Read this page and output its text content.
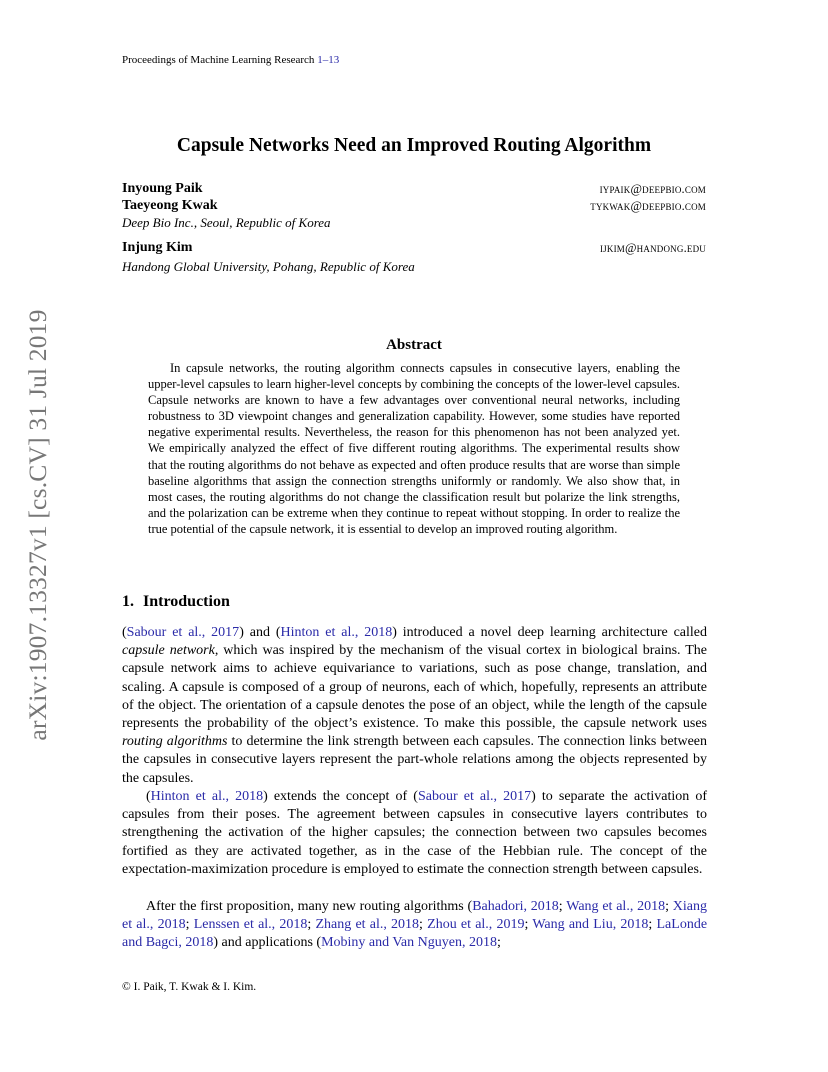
arXiv:1907.13327v1 [cs.CV] 31 Jul 2019
Proceedings of Machine Learning Research 1–13
Capsule Networks Need an Improved Routing Algorithm
Inyoung Paik	iypaik@deepbio.com
Taeyeong Kwak	tykwak@deepbio.com
Deep Bio Inc., Seoul, Republic of Korea
Injung Kim	ijkim@handong.edu
Handong Global University, Pohang, Republic of Korea
Abstract

In capsule networks, the routing algorithm connects capsules in consecutive layers, enabling the upper-level capsules to learn higher-level concepts by combining the concepts of the lower-level capsules. Capsule networks are known to have a few advantages over conventional neural networks, including robustness to 3D viewpoint changes and generalization capability. However, some studies have reported negative experimental results. Nevertheless, the reason for this phenomenon has not been analyzed yet. We empirically analyzed the effect of five different routing algorithms. The experimental results show that the routing algorithms do not behave as expected and often produce results that are worse than simple baseline algorithms that assign the connection strengths uniformly or randomly. We also show that, in most cases, the routing algorithms do not change the classification result but polarize the link strengths, and the polarization can be extreme when they continue to repeat without stopping. In order to realize the true potential of the capsule network, it is essential to develop an improved routing algorithm.

1. Introduction

(Sabour et al., 2017) and (Hinton et al., 2018) introduced a novel deep learning architecture called capsule network, which was inspired by the mechanism of the visual cortex in biological brains. The capsule network aims to achieve equivariance to variations, such as pose change, translation, and scaling. A capsule is composed of a group of neurons, each of which, hopefully, represents an attribute of the object. The orientation of a capsule denotes the pose of an object, while the length of the capsule represents the probability of the object’s existence. To make this possible, the capsule network uses routing algorithms to determine the link strength between each capsules. The connection links between the capsules in consecutive layers represent the part-whole relations among the objects represented by the capsules.

(Hinton et al., 2018) extends the concept of (Sabour et al., 2017) to separate the activation of capsules from their poses. The agreement between capsules in consecutive layers contributes to strengthening the activation of the higher capsules; the connection between two capsules becomes fortified as they are activated together, as in the case of the Hebbian rule. The concept of the expectation-maximization procedure is employed to estimate the connection strength between capsules.

After the first proposition, many new routing algorithms (Bahadori, 2018; Wang et al., 2018; Xiang et al., 2018; Lenssen et al., 2018; Zhang et al., 2018; Zhou et al., 2019; Wang and Liu, 2018; LaLonde and Bagci, 2018) and applications (Mobiny and Van Nguyen, 2018;

© I. Paik, T. Kwak & I. Kim.
